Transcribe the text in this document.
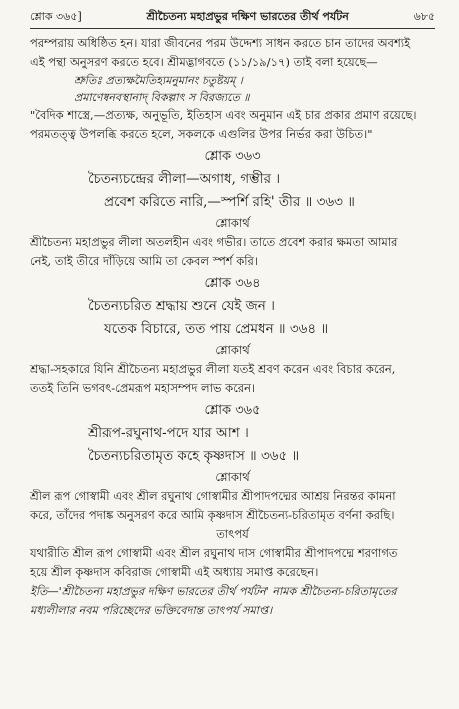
শ্লোক ৩৬৫]	শ্রীচৈতন্য মহাপ্রভুর দক্ষিণ ভারতের তীর্থ পর্যটন	৬৮৫

পরম্পরায় অধিষ্ঠিত হন। যারা জীবনের পরম উদ্দেশ্য সাধন করতে চান তাদের অবশ্যই

এই পন্থা অনুসরণ করতে হবে। শ্রীমদ্ভাগবতে (১১/১৯/১৭) তাই বলা হয়েছে—

শ্রুতিঃ প্রত্যক্ষমৈতিহ্যমনুমানং চতুষ্টয়ম্ ।

প্রমাণেষ্বনবস্থানাদ্ বিকল্পাৎ স বিরজ্যতে ॥

"বৈদিক শাস্ত্রে,—প্রত্যক্ষ, অনুভূতি, ইতিহাস এবং অনুমান এই চার প্রকার প্রমাণ রয়েছে।

পরমতত্ত্ব উপলব্ধি করতে হলে, সকলকে এগুলির উপর নির্ভর করা উচিত।"

শ্লোক ৩৬৩
চৈতন্যচন্দ্রের লীলা—অগাধ, গম্ভীর ।
প্রবেশ করিতে নারি,—স্পর্শি রহি' তীর ॥ ৩৬৩ ॥
শ্লোকার্থ

শ্রীচৈতন্য মহাপ্রভুর লীলা অতলহীন এবং গভীর। তাতে প্রবেশ করার ক্ষমতা আমার

নেই, তাই তীরে দাঁড়িয়ে আমি তা কেবল স্পর্শ করি।

শ্লোক ৩৬৪
চৈতন্যচরিত শ্রদ্ধায় শুনে যেই জন ।
যতেক বিচারে, তত পায় প্রেমধন ॥ ৩৬৪ ॥
শ্লোকার্থ

শ্রদ্ধা-সহকারে যিনি শ্রীচৈতন্য মহাপ্রভুর লীলা যতই শ্রবণ করেন এবং বিচার করেন,

ততই তিনি ভগবৎ-প্রেমরূপ মহাসম্পদ লাভ করেন।

শ্লোক ৩৬৫
শ্রীরূপ-রঘুনাথ-পদে যার আশ ।
চৈতন্যচরিতামৃত কহে কৃষ্ণদাস ॥ ৩৬৫ ॥
শ্লোকার্থ

শ্রীল রূপ গোস্বামী এবং শ্রীল রঘুনাথ গোস্বামীর শ্রীপাদপদ্মের আশ্রয় নিরন্তর কামনা

করে, তাঁদের পদাঙ্ক অনুসরণ করে আমি কৃষ্ণদাস শ্রীচৈতন্য-চরিতামৃত বর্ণনা করছি।

তাৎপর্য

যথারীতি শ্রীল রূপ গোস্বামী এবং শ্রীল রঘুনাথ দাস গোস্বামীর শ্রীপাদপদ্মে শরণাগত

হয়ে শ্রীল কৃষ্ণদাস কবিরাজ গোস্বামী এই অধ্যায় সমাপ্ত করেছেন।

ইতি—'শ্রীচৈতন্য মহাপ্রভুর দক্ষিণ ভারতের তীর্থ পর্যটন' নামক শ্রীচৈতন্য-চরিতামৃতের

মধ্যলীলার নবম পরিচ্ছেদের ভক্তিবেদান্ত তাৎপর্য সমাপ্ত।
